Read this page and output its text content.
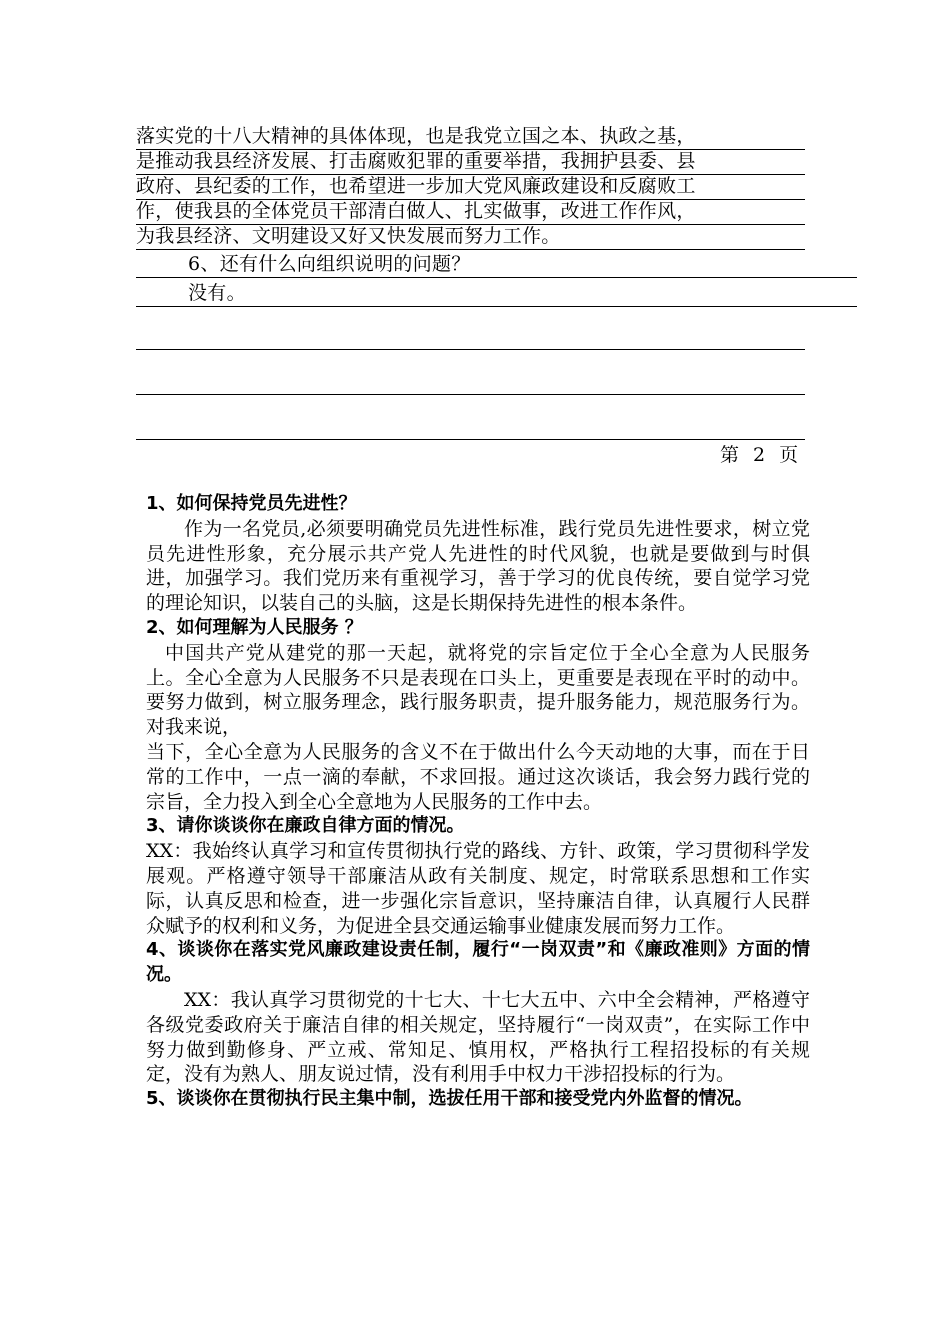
落实党的十八大精神的具体体现，也是我党立国之本、执政之基，
是推动我县经济发展、打击腐败犯罪的重要举措，我拥护县委、县
政府、县纪委的工作，也希望进一步加大党风廉政建设和反腐败工
作，使我县的全体党员干部清白做人、扎实做事，改进工作作风，
为我县经济、文明建设又好又快发展而努力工作。
6、还有什么向组织说明的问题？
没有。
第 2 页

1、如何保持党员先进性？

作为一名党员,必须要明确党员先进性标准，践行党员先进性要求，树立党员先进性形象，充分展示共产党人先进性的时代风貌，也就是要做到与时俱进，加强学习。我们党历来有重视学习，善于学习的优良传统，要自觉学习党的理论知识，以装自己的头脑，这是长期保持先进性的根本条件。

2、如何理解为人民服务 ？

中国共产党从建党的那一天起，就将党的宗旨定位于全心全意为人民服务上。全心全意为人民服务不只是表现在口头上，更重要是表现在平时的动中。要努力做到，树立服务理念，践行服务职责，提升服务能力，规范服务行为。对我来说，

当下，全心全意为人民服务的含义不在于做出什么今天动地的大事，而在于日常的工作中，一点一滴的奉献，不求回报。通过这次谈话，我会努力践行党的宗旨，全力投入到全心全意地为人民服务的工作中去。

3、请你谈谈你在廉政自律方面的情况。

XX：我始终认真学习和宣传贯彻执行党的路线、方针、政策，学习贯彻科学发展观。严格遵守领导干部廉洁从政有关制度、规定，时常联系思想和工作实际，认真反思和检查，进一步强化宗旨意识，坚持廉洁自律，认真履行人民群众赋予的权利和义务，为促进全县交通运输事业健康发展而努力工作。

4、谈谈你在落实党风廉政建设责任制，履行“一岗双责”和《廉政准则》方面的情况。

XX：我认真学习贯彻党的十七大、十七大五中、六中全会精神，严格遵守各级党委政府关于廉洁自律的相关规定，坚持履行“一岗双责”，在实际工作中努力做到勤修身、严立戒、常知足、慎用权，严格执行工程招投标的有关规定，没有为熟人、朋友说过情，没有利用手中权力干涉招投标的行为。

5、谈谈你在贯彻执行民主集中制，选拔任用干部和接受党内外监督的情况。
